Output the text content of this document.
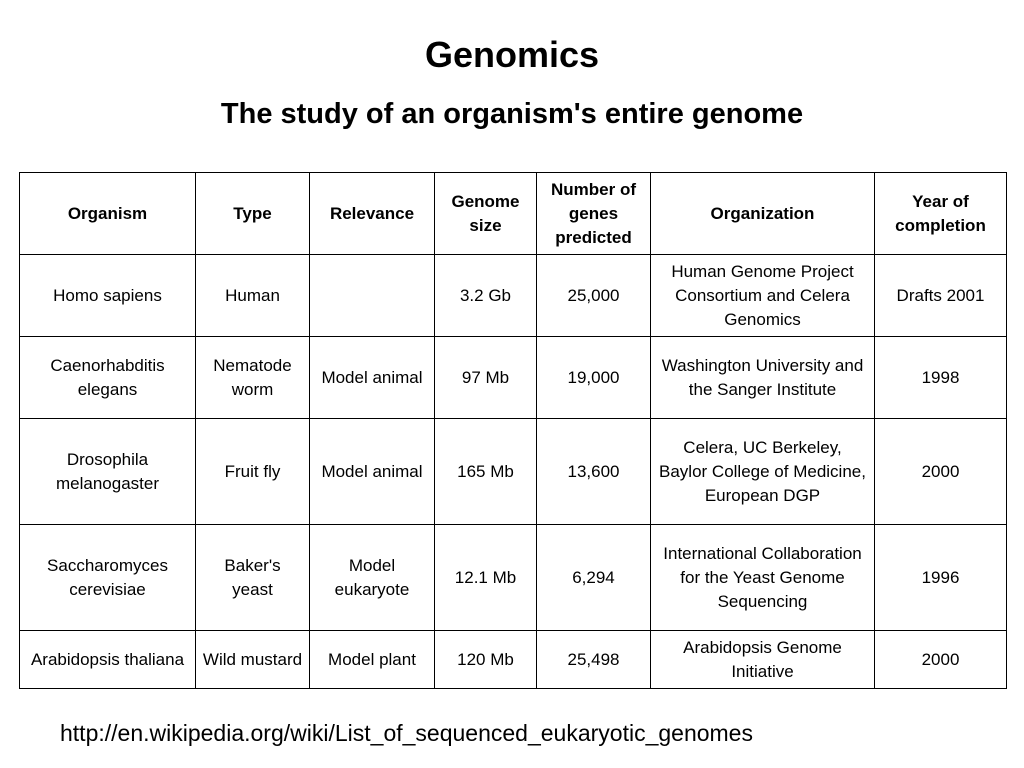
Genomics
The study of an organism's entire genome
Organism	Type	Relevance	Genome size	Number of genes predicted	Organization	Year of completion
Homo sapiens	Human		3.2 Gb	25,000	Human Genome Project Consortium and Celera Genomics	Drafts 2001
Caenorhabditis elegans	Nematode worm	Model animal	97 Mb	19,000	Washington University and the Sanger Institute	1998
Drosophila melanogaster	Fruit fly	Model animal	165 Mb	13,600	Celera, UC Berkeley, Baylor College of Medicine, European DGP	2000
Saccharomyces cerevisiae	Baker's yeast	Model eukaryote	12.1 Mb	6,294	International Collaboration for the Yeast Genome Sequencing	1996
Arabidopsis thaliana	Wild mustard	Model plant	120 Mb	25,498	Arabidopsis Genome Initiative	2000
http://en.wikipedia.org/wiki/List_of_sequenced_eukaryotic_genomes
